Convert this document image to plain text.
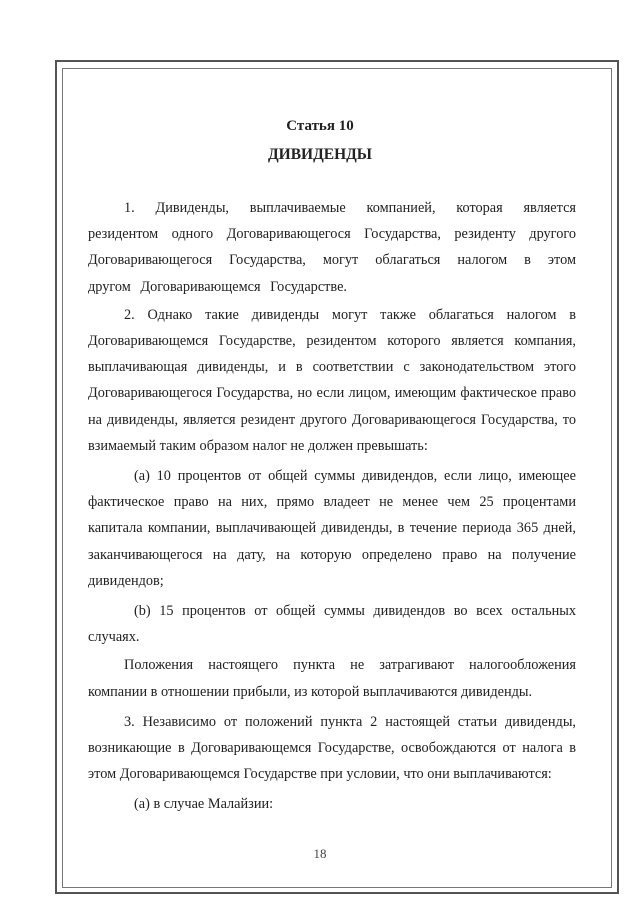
Статья 10
ДИВИДЕНДЫ

1. Дивиденды, выплачиваемые компанией, которая является резидентом одного Договаривающегося Государства, резиденту другого Договаривающегося Государства, могут облагаться налогом в этом другом Договаривающемся Государстве.

2. Однако такие дивиденды могут также облагаться налогом в Договаривающемся Государстве, резидентом которого является компания, выплачивающая дивиденды, и в соответствии с законодательством этого Договаривающегося Государства, но если лицом, имеющим фактическое право на дивиденды, является резидент другого Договаривающегося Государства, то взимаемый таким образом налог не должен превышать:

(a) 10 процентов от общей суммы дивидендов, если лицо, имеющее фактическое право на них, прямо владеет не менее чем 25 процентами капитала компании, выплачивающей дивиденды, в течение периода 365 дней, заканчивающегося на дату, на которую определено право на получение дивидендов;

(b) 15 процентов от общей суммы дивидендов во всех остальных случаях.

Положения настоящего пункта не затрагивают налогообложения компании в отношении прибыли, из которой выплачиваются дивиденды.

3. Независимо от положений пункта 2 настоящей статьи дивиденды, возникающие в Договаривающемся Государстве, освобождаются от налога в этом Договаривающемся Государстве при условии, что они выплачиваются:

(a) в случае Малайзии:

18
